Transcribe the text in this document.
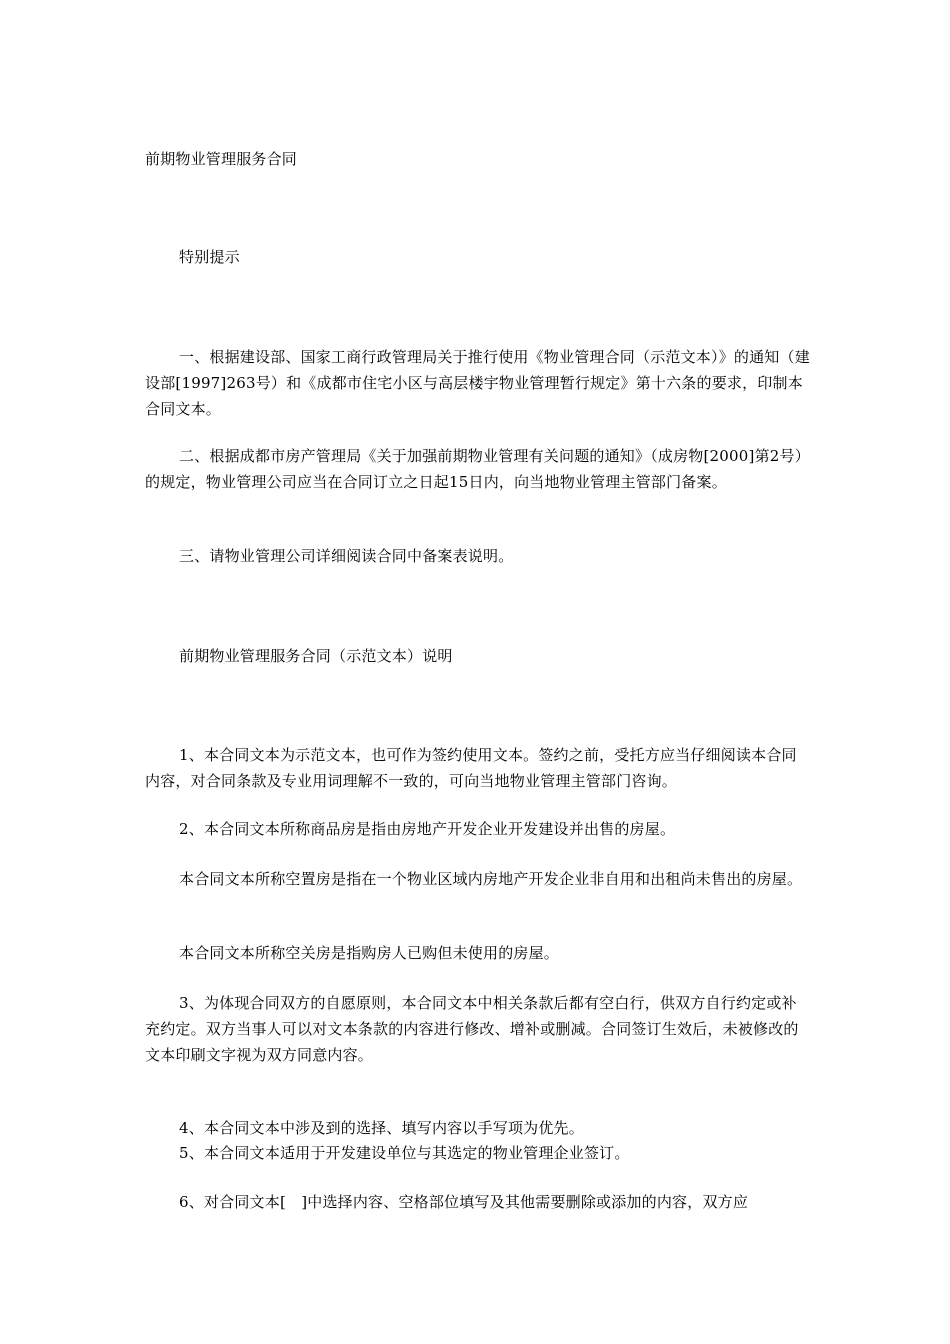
前期物业管理服务合同

特别提示

一、根据建设部、国家工商行政管理局关于推行使用《物业管理合同（示范文本）》的通知（建设部[1997]263号）和《成都市住宅小区与高层楼宇物业管理暂行规定》第十六条的要求，印制本合同文本。

二、根据成都市房产管理局《关于加强前期物业管理有关问题的通知》（成房物[2000]第2号）的规定，物业管理公司应当在合同订立之日起15日内，向当地物业管理主管部门备案。

三、请物业管理公司详细阅读合同中备案表说明。

前期物业管理服务合同（示范文本）说明

1、本合同文本为示范文本，也可作为签约使用文本。签约之前，受托方应当仔细阅读本合同内容，对合同条款及专业用词理解不一致的，可向当地物业管理主管部门咨询。

2、本合同文本所称商品房是指由房地产开发企业开发建设并出售的房屋。

本合同文本所称空置房是指在一个物业区域内房地产开发企业非自用和出租尚未售出的房屋。

本合同文本所称空关房是指购房人已购但未使用的房屋。

3、为体现合同双方的自愿原则，本合同文本中相关条款后都有空白行，供双方自行约定或补充约定。双方当事人可以对文本条款的内容进行修改、增补或删减。合同签订生效后，未被修改的文本印刷文字视为双方同意内容。

4、本合同文本中涉及到的选择、填写内容以手写项为优先。

5、本合同文本适用于开发建设单位与其选定的物业管理企业签订。

6、对合同文本[　]中选择内容、空格部位填写及其他需要删除或添加的内容，双方应
